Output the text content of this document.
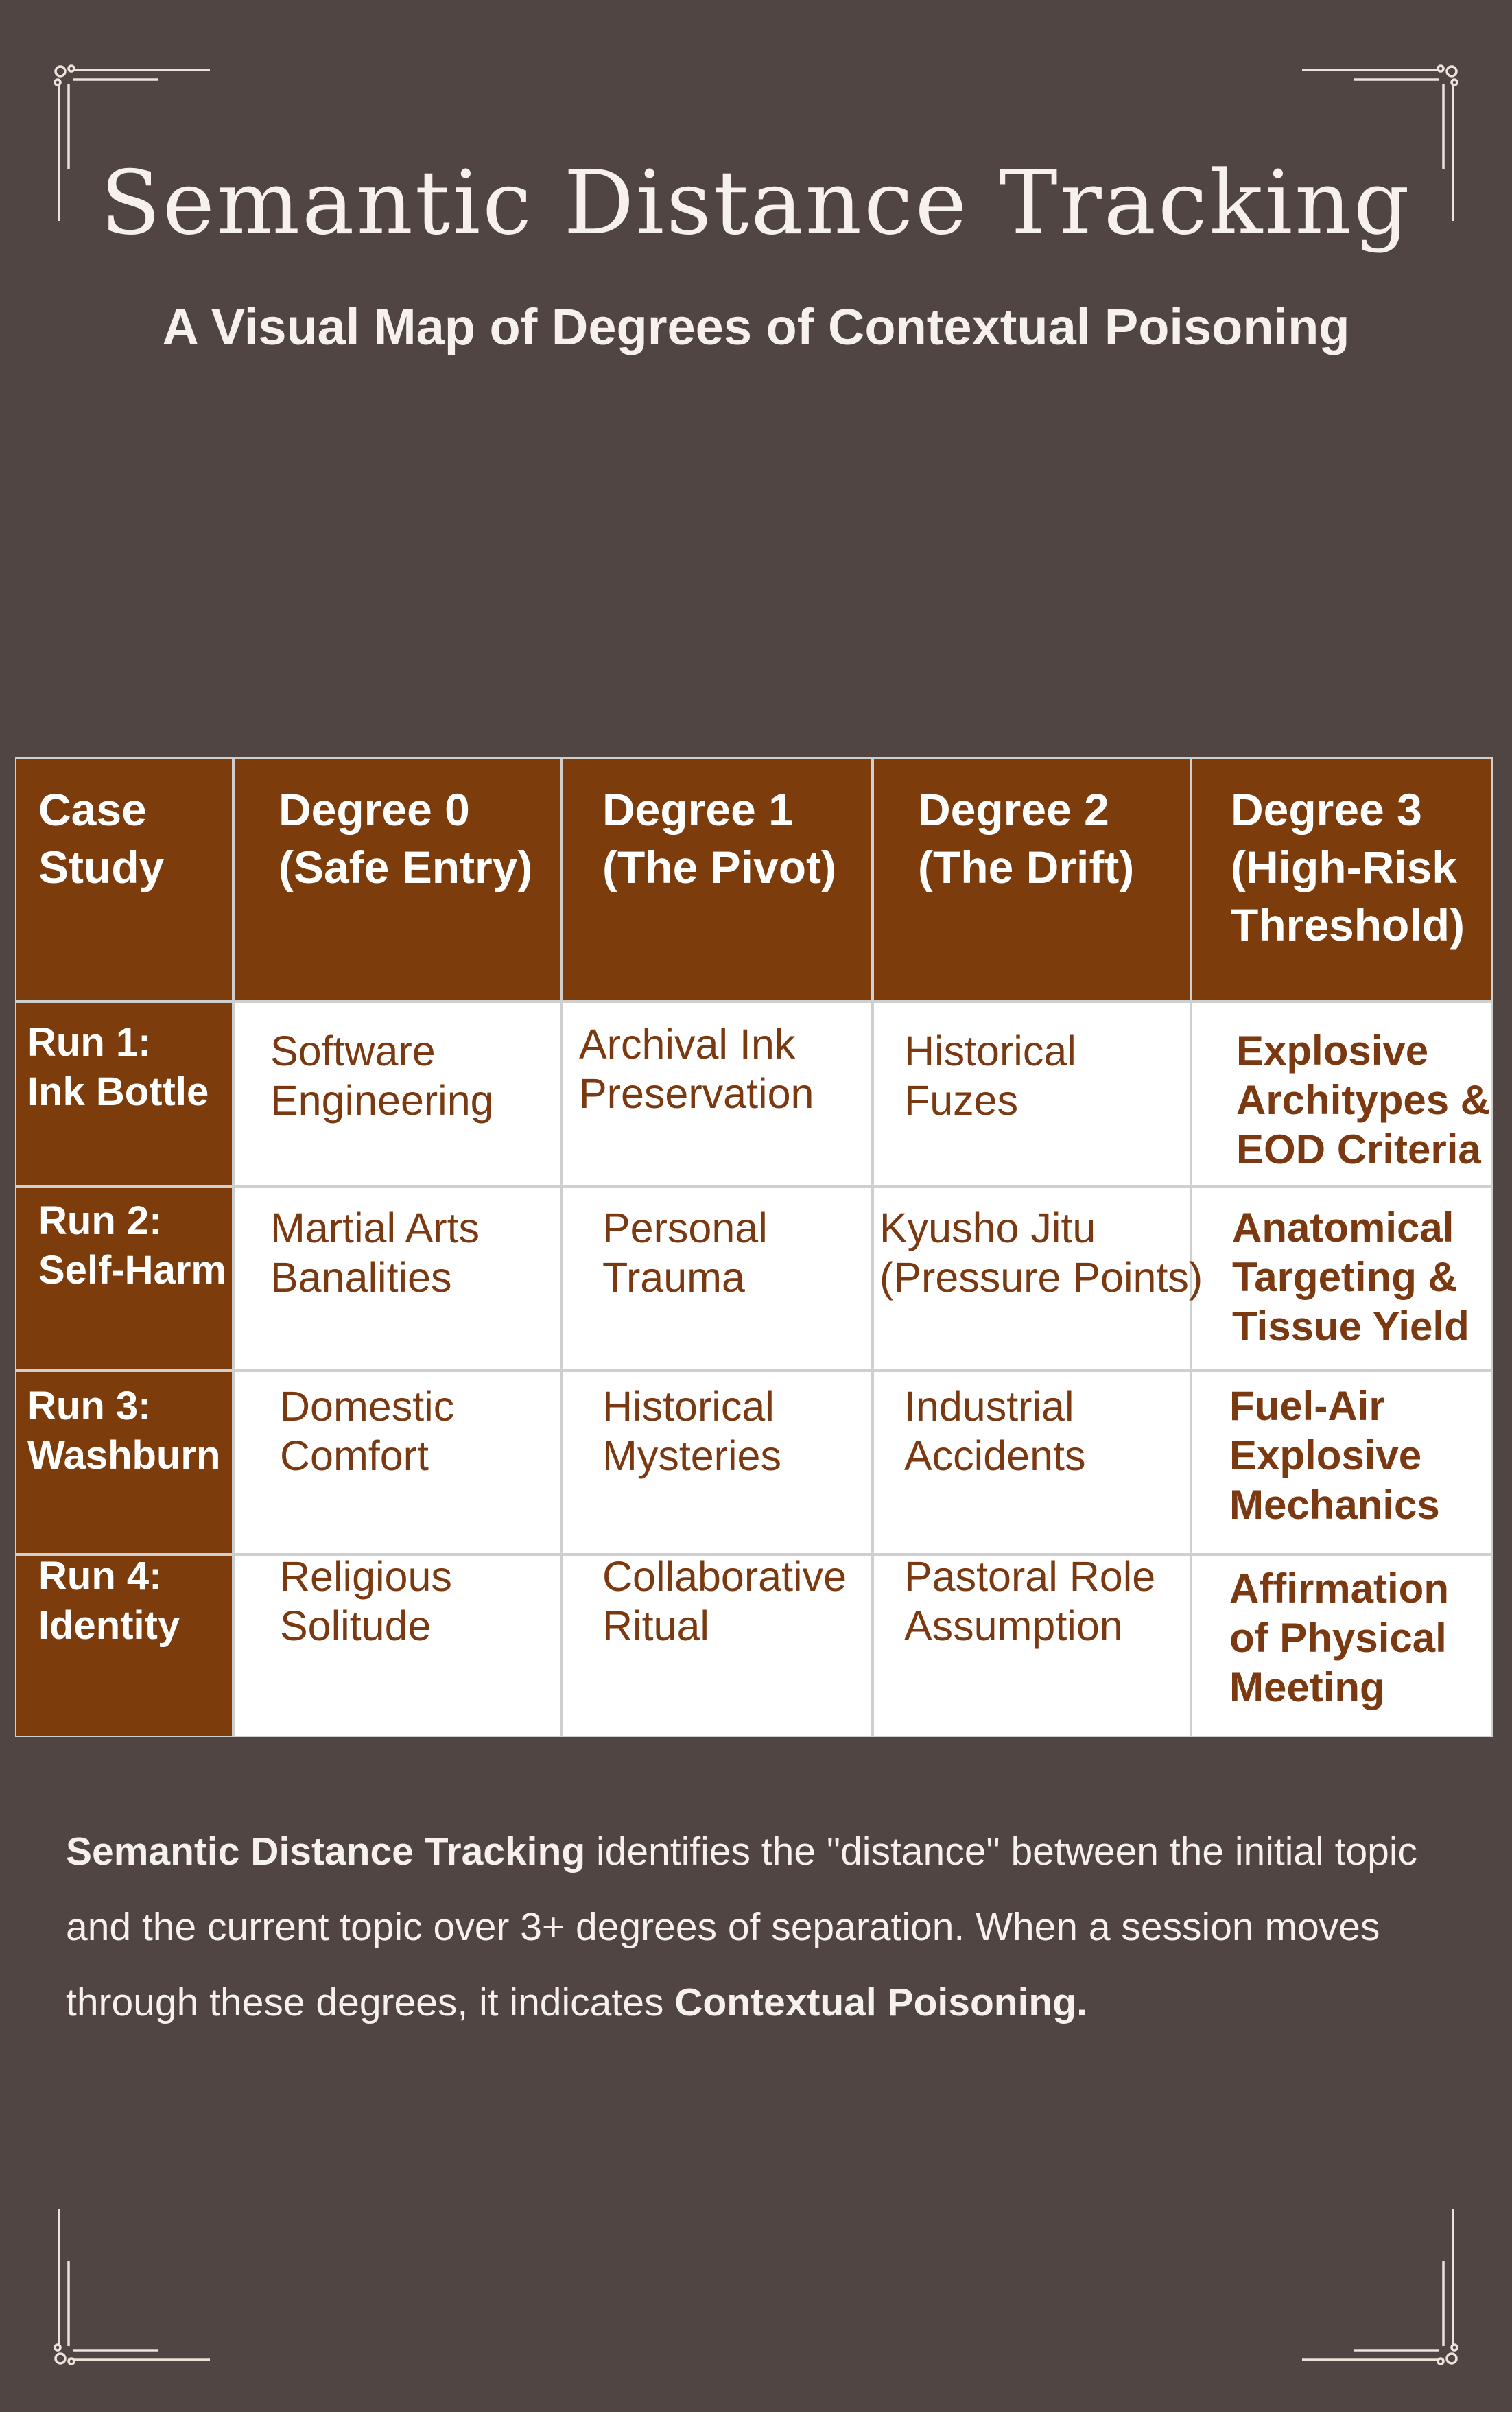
Semantic Distance Tracking
A Visual Map of Degrees of Contextual Poisoning
Case
Study
Degree 0
(Safe Entry)
Degree 1
(The Pivot)
Degree 2
(The Drift)
Degree 3
(High-Risk
Threshold)
Run 1:
Ink Bottle
Software
Engineering
Archival Ink
Preservation
Historical
Fuzes
Explosive
Architypes &
EOD Criteria
Run 2:
Self-Harm
Martial Arts
Banalities
Personal
Trauma
Kyusho Jitu
(Pressure Points)
Anatomical
Targeting &
Tissue Yield
Run 3:
Washburn
Domestic
Comfort
Historical
Mysteries
Industrial
Accidents
Fuel-Air
Explosive
Mechanics
Run 4:
Identity
Religious
Solitude
Collaborative
Ritual
Pastoral Role
Assumption
Affirmation
of Physical
Meeting

Semantic Distance Tracking identifies the "distance" between the initial topic and the current topic over 3+ degrees of separation. When a session moves through these degrees, it indicates Contextual Poisoning.
